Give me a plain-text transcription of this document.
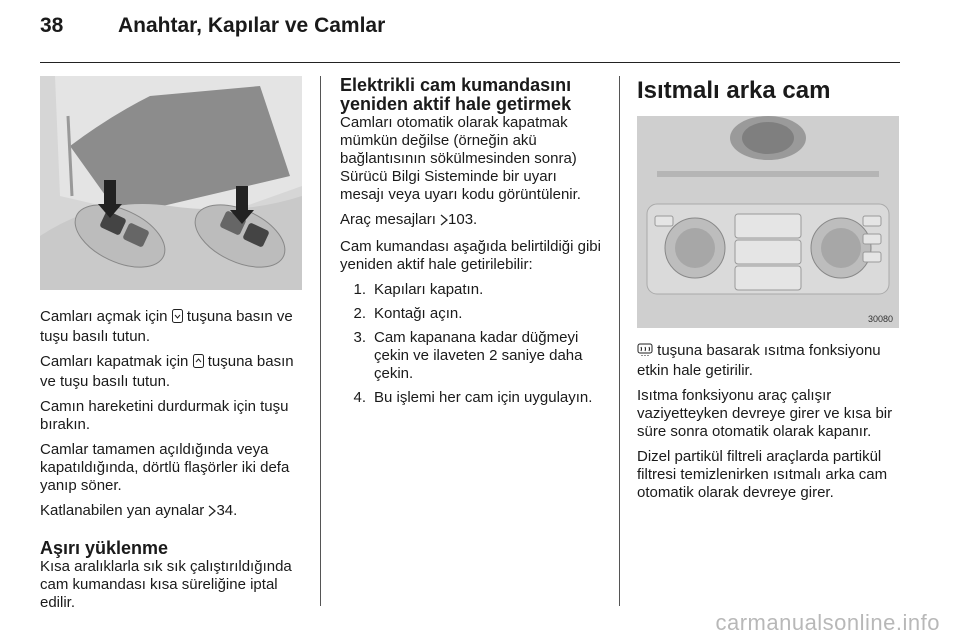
38	Anahtar, Kapılar ve Camlar

Camları açmak için  tuşuna basın ve tuşu basılı tutun.

Camları kapatmak için  tuşuna basın ve tuşu basılı tutun.

Camın hareketini durdurmak için tuşu bırakın.

Camlar tamamen açıldığında veya kapatıldığında, dörtlü flaşörler iki defa yanıp söner.

Katlanabilen yan aynalar 34.

Aşırı yüklenme

Kısa aralıklarla sık sık çalıştırıldığında cam kumandası kısa süreliğine iptal edilir.

Elektrikli cam kumandasını yeniden aktif hale getirmek

Camları otomatik olarak kapatmak mümkün değilse (örneğin akü bağlantısının sökülmesinden sonra) Sürücü Bilgi Sisteminde bir uyarı mesajı veya uyarı kodu görüntülenir.

Araç mesajları 103.

Cam kumandası aşağıda belirtildiği gibi yeniden aktif hale getirilebilir:

1. Kapıları kapatın.
2. Kontağı açın.
3. Cam kapanana kadar düğmeyi çekin ve ilaveten 2 saniye daha çekin.
4. Bu işlemi her cam için uygulayın.

Isıtmalı arka cam

30080

tuşuna basarak ısıtma fonksiyonu etkin hale getirilir.

Isıtma fonksiyonu araç çalışır vaziyetteyken devreye girer ve kısa bir süre sonra otomatik olarak kapanır.

Dizel partikül filtreli araçlarda partikül filtresi temizlenirken ısıtmalı arka cam otomatik olarak devreye girer.

carmanualsonline.info
